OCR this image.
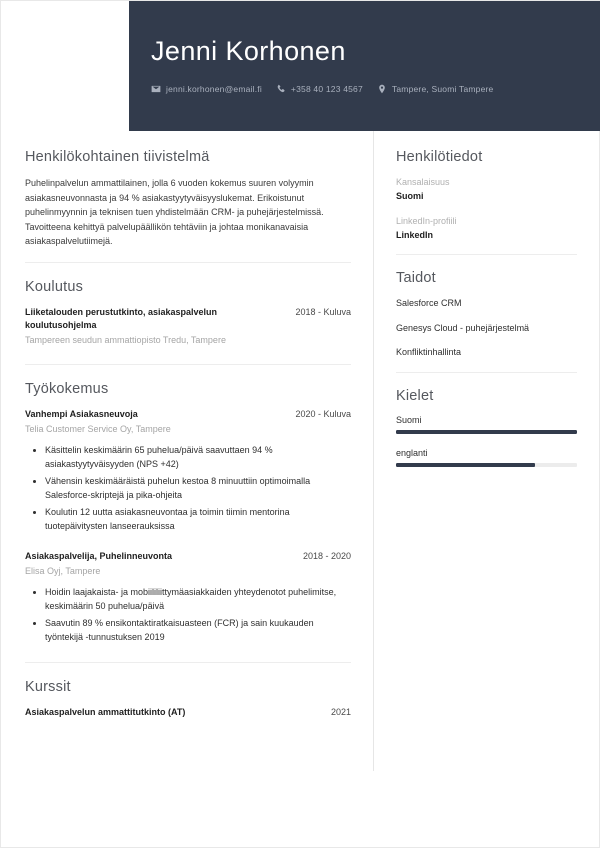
Jenni Korhonen
jenni.korhonen@email.fi	+358 40 123 4567	Tampere, Suomi Tampere
Henkilökohtainen tiivistelmä

Puhelinpalvelun ammattilainen, jolla 6 vuoden kokemus suuren volyymin asiakasneuvonnasta ja 94 % asiakastyytyväisyyslukemat. Erikoistunut puhelinmyynnin ja teknisen tuen yhdistelmään CRM- ja puhejärjestelmissä. Tavoitteena kehittyä palvelupäällikön tehtäviin ja johtaa monikanavaisia asiakaspalvelutiimejä.

Koulutus
Liiketalouden perustutkinto, asiakaspalvelun koulutusohjelma
2018 - Kuluva
Tampereen seudun ammattiopisto Tredu, Tampere
Työkokemus
Vanhempi Asiakasneuvoja	2020 - Kuluva
Telia Customer Service Oy, Tampere
• Käsittelin keskimäärin 65 puhelua/päivä saavuttaen 94 % asiakastyytyväisyyden (NPS +42)
• Vähensin keskimääräistä puhelun kestoa 8 minuuttiin optimoimalla Salesforce-skriptejä ja pika-ohjeita
• Koulutin 12 uutta asiakasneuvontaa ja toimin tiimin mentorina tuotepäivitysten lanseerauksissa
Asiakaspalvelija, Puhelinneuvonta	2018 - 2020
Elisa Oyj, Tampere
• Hoidin laajakaista- ja mobiililiittymäasiakkaiden yhteydenotot puhelimitse, keskimäärin 50 puhelua/päivä
• Saavutin 89 % ensikontaktiratkaisuasteen (FCR) ja sain kuukauden työntekijä -tunnustuksen 2019
Kurssit
Asiakaspalvelun ammattitutkinto (AT)	2021
Henkilötiedot
Kansalaisuus
Suomi
LinkedIn-profiili
LinkedIn
Taidot
Salesforce CRM
Genesys Cloud - puhejärjestelmä
Konfliktinhallinta
Kielet
Suomi
englanti
